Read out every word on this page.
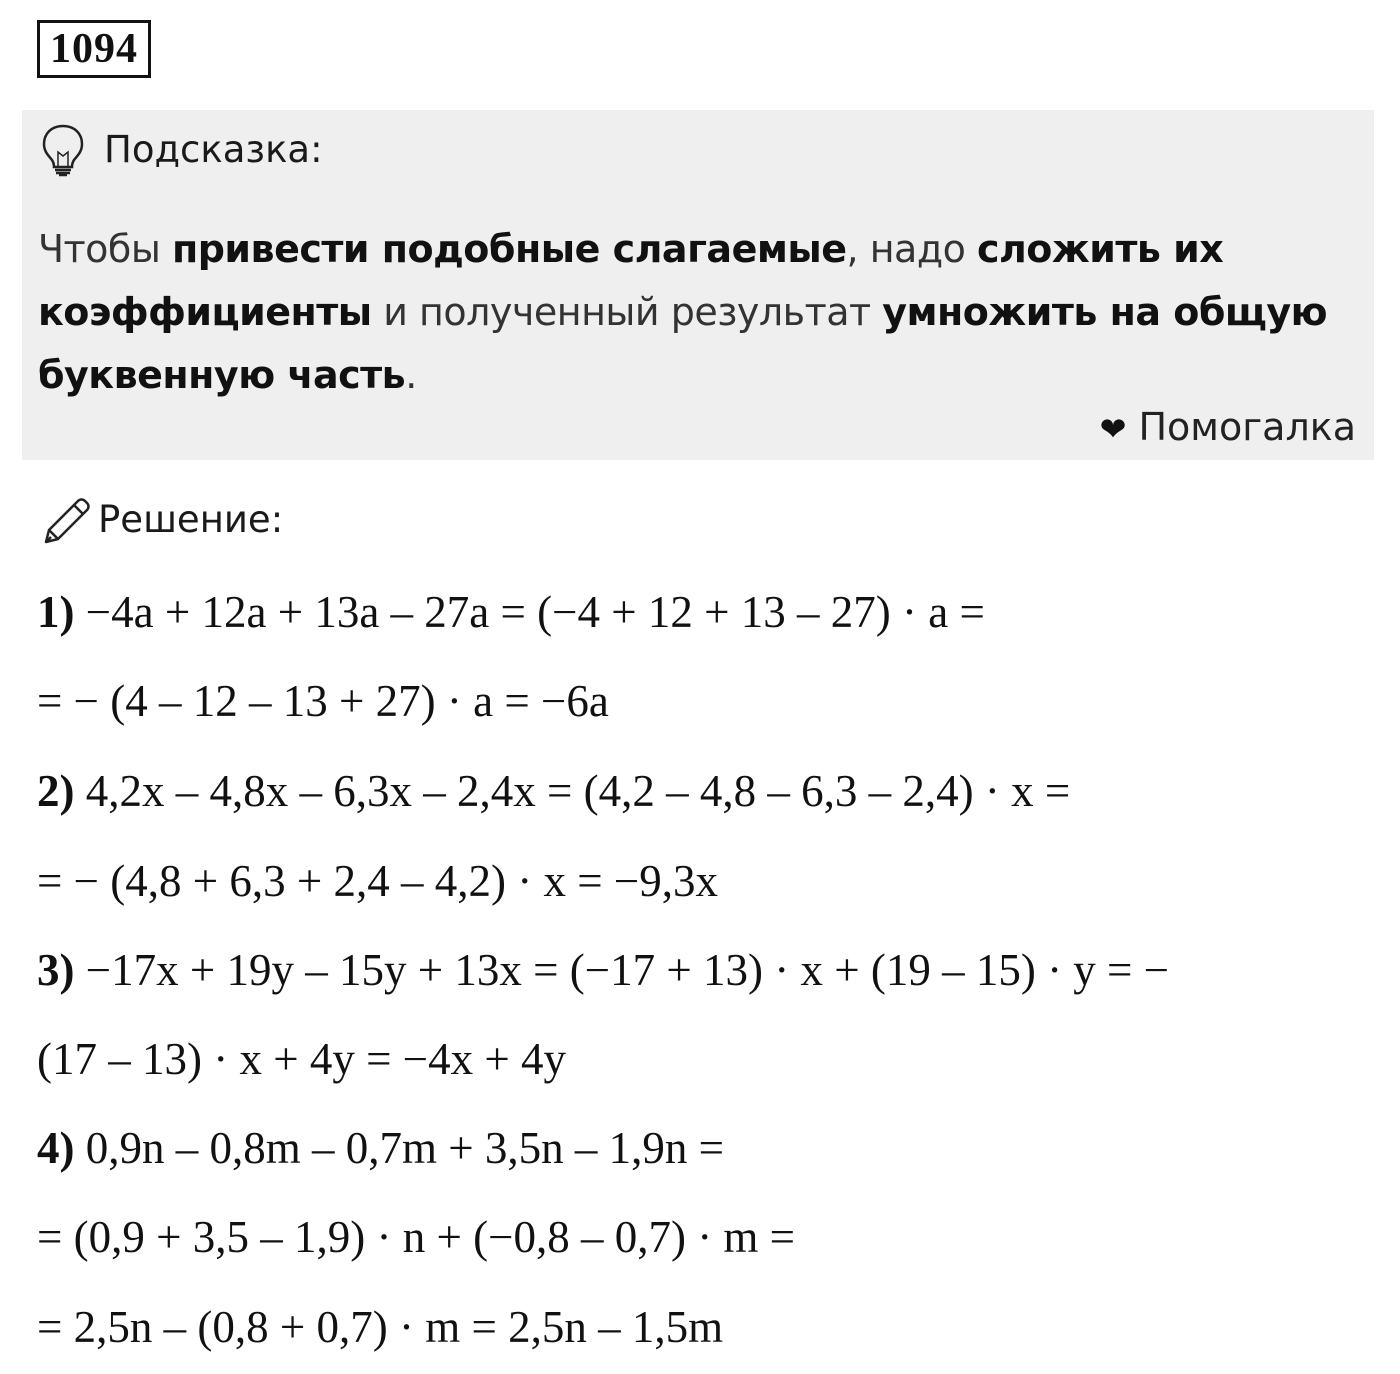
1094
Подсказка:
Чтобы привести подобные слагаемые, надо сложить их коэффициенты и полученный результат умножить на общую буквенную часть.
❤ Помогалка
Решение:
1) −4a + 12a + 13a – 27a = (−4 + 12 + 13 – 27) · a =
= − (4 – 12 – 13 + 27) · a = −6a
2) 4,2x – 4,8x – 6,3x – 2,4x = (4,2 – 4,8 – 6,3 – 2,4) · x =
= − (4,8 + 6,3 + 2,4 – 4,2) · x = −9,3x
3) −17x + 19y – 15y + 13x = (−17 + 13) · x + (19 – 15) · y = −
(17 – 13) · x + 4y = −4x + 4y
4) 0,9n – 0,8m – 0,7m + 3,5n – 1,9n =
= (0,9 + 3,5 – 1,9) · n + (−0,8 – 0,7) · m =
= 2,5n – (0,8 + 0,7) · m = 2,5n – 1,5m
